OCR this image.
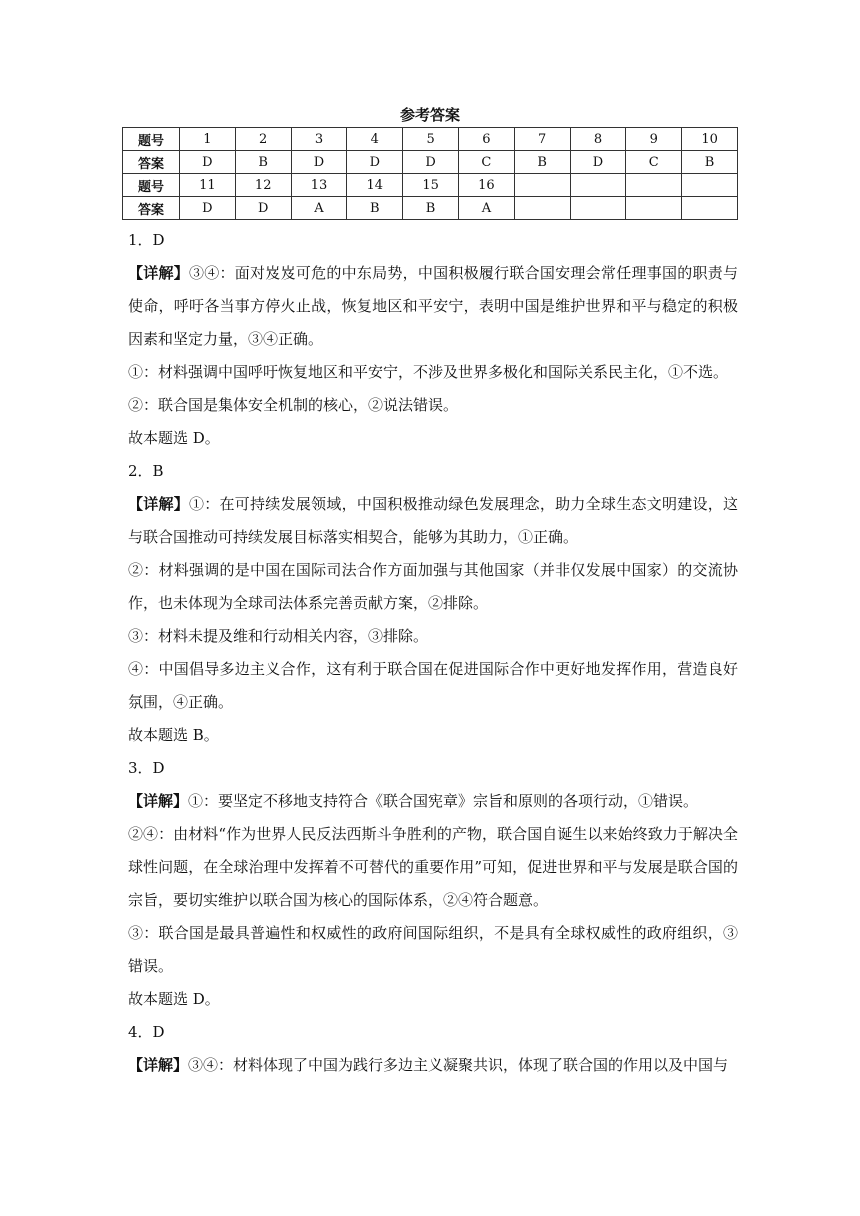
参考答案
题号	1	2	3	4	5	6	7	8	9	10
答案	D	B	D	D	D	C	B	D	C	B
题号	11	12	13	14	15	16				
答案	D	D	A	B	B	A				

1．D

【详解】③④：面对岌岌可危的中东局势，中国积极履行联合国安理会常任理事国的职责与使命，呼吁各当事方停火止战，恢复地区和平安宁，表明中国是维护世界和平与稳定的积极因素和坚定力量，③④正确。

①：材料强调中国呼吁恢复地区和平安宁，不涉及世界多极化和国际关系民主化，①不选。

②：联合国是集体安全机制的核心，②说法错误。

故本题选 D。

2．B

【详解】①：在可持续发展领域，中国积极推动绿色发展理念，助力全球生态文明建设，这与联合国推动可持续发展目标落实相契合，能够为其助力，①正确。

②：材料强调的是中国在国际司法合作方面加强与其他国家（并非仅发展中国家）的交流协作，也未体现为全球司法体系完善贡献方案，②排除。

③：材料未提及维和行动相关内容，③排除。

④：中国倡导多边主义合作，这有利于联合国在促进国际合作中更好地发挥作用，营造良好氛围，④正确。

故本题选 B。

3．D

【详解】①：要坚定不移地支持符合《联合国宪章》宗旨和原则的各项行动，①错误。

②④：由材料“作为世界人民反法西斯斗争胜利的产物，联合国自诞生以来始终致力于解决全球性问题，在全球治理中发挥着不可替代的重要作用”可知，促进世界和平与发展是联合国的宗旨，要切实维护以联合国为核心的国际体系，②④符合题意。

③：联合国是最具普遍性和权威性的政府间国际组织，不是具有全球权威性的政府组织，③错误。

故本题选 D。

4．D

【详解】③④：材料体现了中国为践行多边主义凝聚共识，体现了联合国的作用以及中国与
